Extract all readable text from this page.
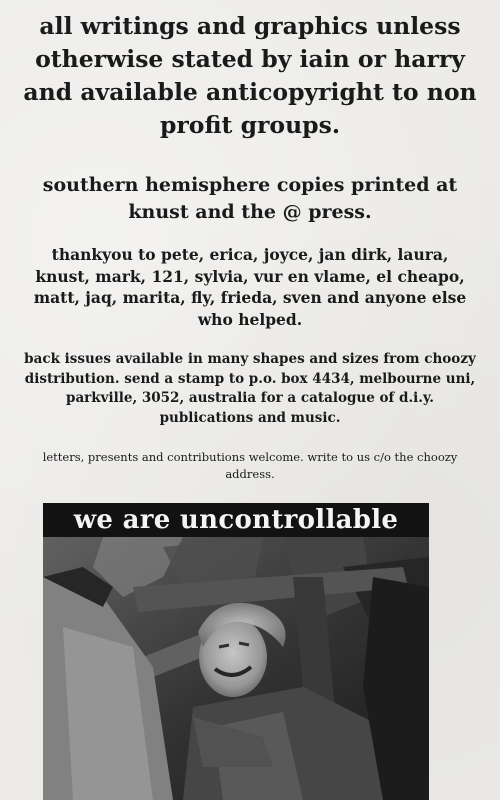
all writings and graphics unless otherwise stated by iain or harry and available anticopyright to non profit groups.

southern hemisphere copies printed at knust and the @ press.

thankyou to pete, erica, joyce, jan dirk, laura, knust, mark, 121, sylvia, vur en vlame, el cheapo, matt, jaq, marita, fly, frieda, sven and anyone else who helped.

back issues available in many shapes and sizes from choozy distribution. send a stamp to p.o. box 4434, melbourne uni, parkville, 3052, australia for a catalogue of d.i.y. publications and music.

letters, presents and contributions welcome. write to us c/o the choozy address.

we are uncontrollable
